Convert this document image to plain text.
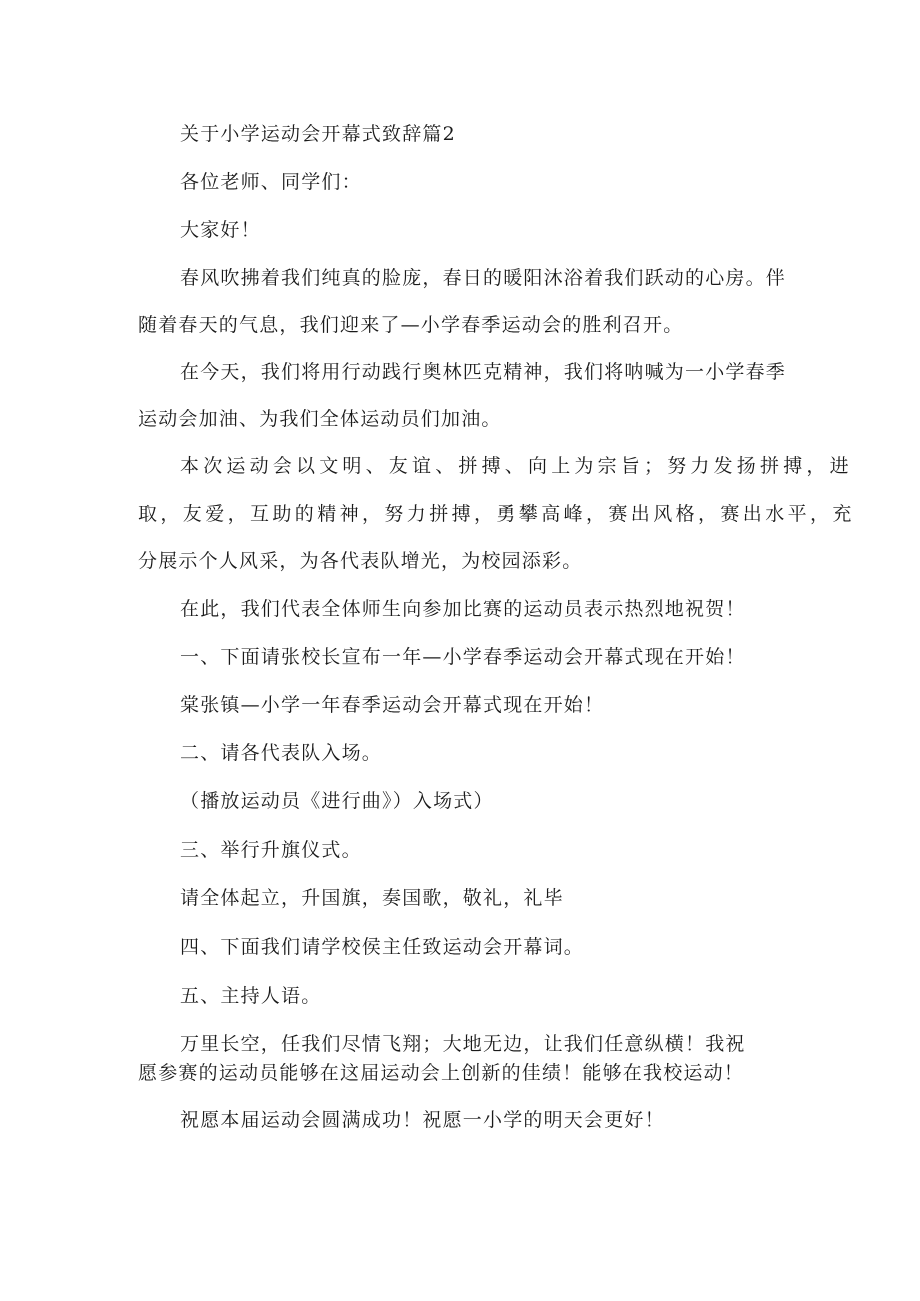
关于小学运动会开幕式致辞篇2
各位老师、同学们：
大家好！
春风吹拂着我们纯真的脸庞，春日的暖阳沐浴着我们跃动的心房。伴
随着春天的气息，我们迎来了—小学春季运动会的胜利召开。
在今天，我们将用行动践行奥林匹克精神，我们将呐喊为一小学春季
运动会加油、为我们全体运动员们加油。
本次运动会以文明、友谊、拼搏、向上为宗旨；努力发扬拼搏，进
取，友爱，互助的精神，努力拼搏，勇攀高峰，赛出风格，赛出水平，充
分展示个人风采，为各代表队增光，为校园添彩。
在此，我们代表全体师生向参加比赛的运动员表示热烈地祝贺！
一、下面请张校长宣布一年—小学春季运动会开幕式现在开始！
棠张镇—小学一年春季运动会开幕式现在开始！
二、请各代表队入场。
（播放运动员《进行曲》）入场式）
三、举行升旗仪式。
请全体起立，升国旗，奏国歌，敬礼，礼毕
四、下面我们请学校侯主任致运动会开幕词。
五、主持人语。
万里长空，任我们尽情飞翔；大地无边，让我们任意纵横！我祝
愿参赛的运动员能够在这届运动会上创新的佳绩！能够在我校运动！
祝愿本届运动会圆满成功！祝愿一小学的明天会更好！
